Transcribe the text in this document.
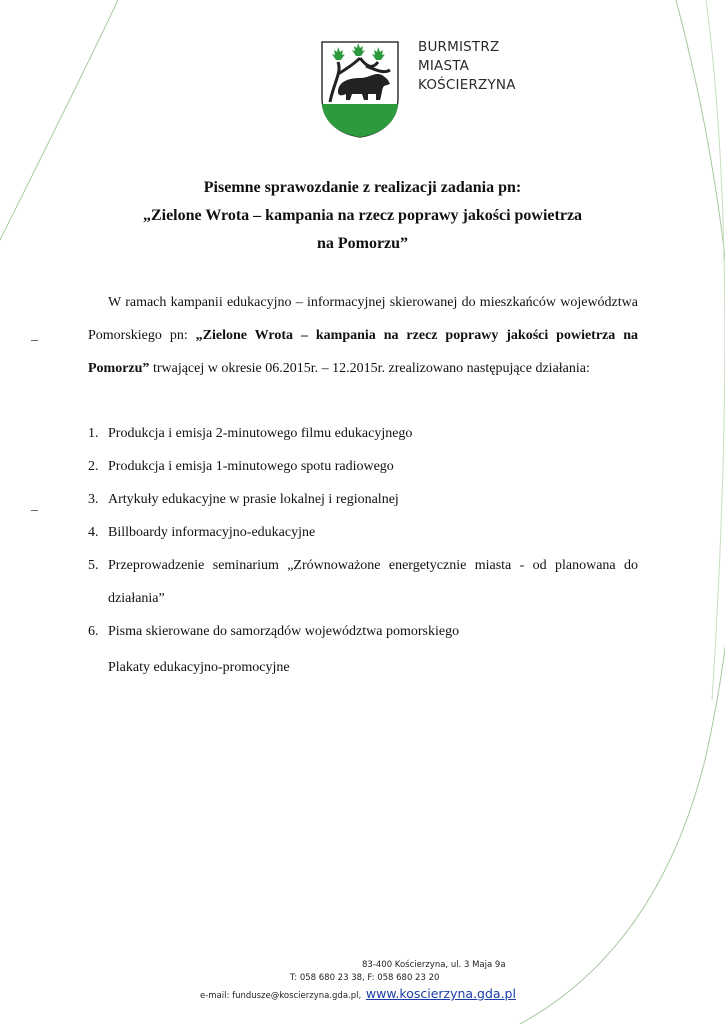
BURMISTRZ
MIASTA
KOŚCIERZYNA
Pisemne sprawozdanie z realizacji zadania pn:
„Zielone Wrota – kampania na rzecz poprawy jakości powietrza
na Pomorzu”
W ramach kampanii edukacyjno – informacyjnej skierowanej do mieszkańców województwa Pomorskiego pn: „Zielone Wrota – kampania na rzecz poprawy jakości powietrza na Pomorzu” trwającej w okresie 06.2015r. – 12.2015r. zrealizowano następujące działania:
1. Produkcja i emisja 2-minutowego filmu edukacyjnego
2. Produkcja i emisja 1-minutowego spotu radiowego
3. Artykuły edukacyjne w prasie lokalnej i regionalnej
4. Billboardy informacyjno-edukacyjne
5. Przeprowadzenie seminarium „Zrównoważone energetycznie miasta - od planowana do działania”
6. Pisma skierowane do samorządów województwa pomorskiego
Plakaty edukacyjno-promocyjne
83-400 Kościerzyna, ul. 3 Maja 9a
T: 058 680 23 38, F: 058 680 23 20
e-mail: fundusze@koscierzyna.gda.pl, www.koscierzyna.gda.pl
